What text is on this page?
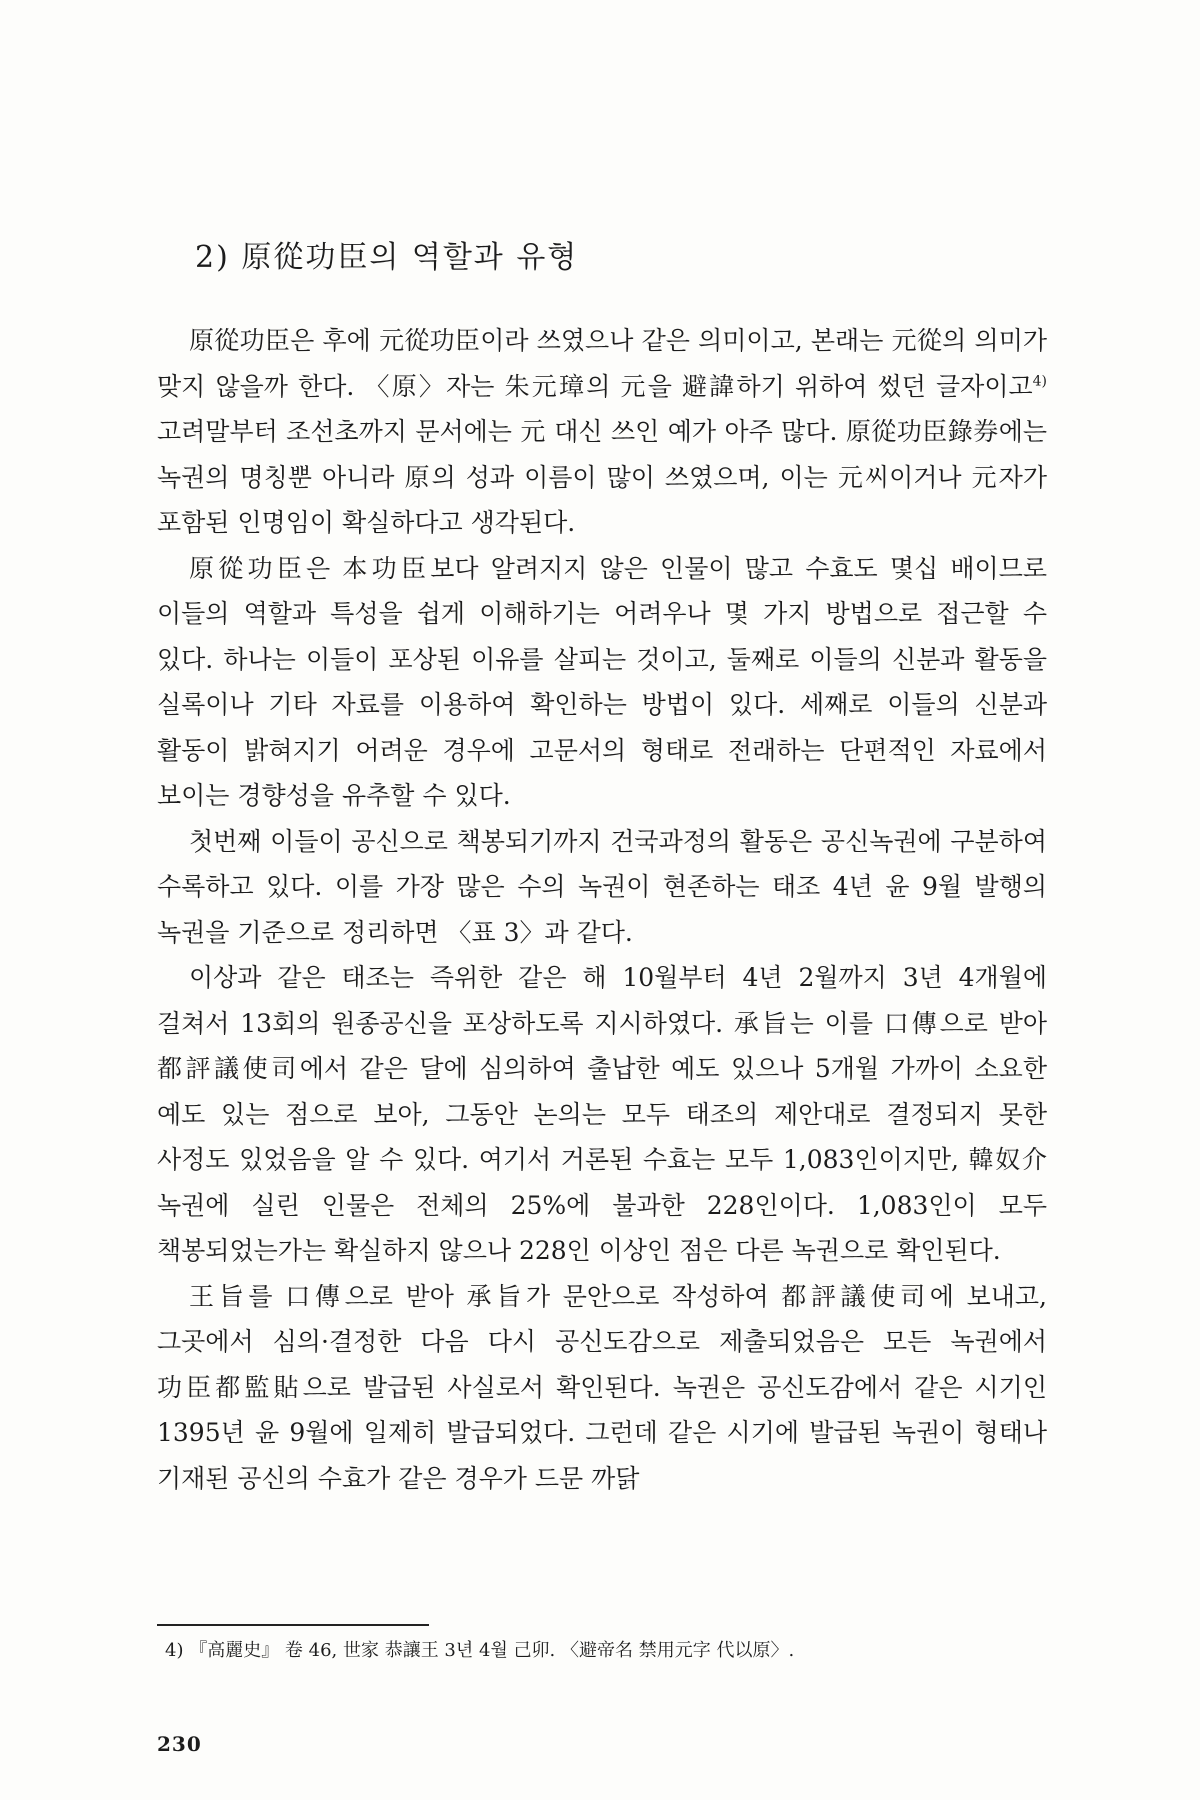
2) 原從功臣의 역할과 유형

原從功臣은 후에 元從功臣이라 쓰였으나 같은 의미이고, 본래는 元從의 의미가 맞지 않을까 한다. 〈原〉자는 朱元璋의 元을 避諱하기 위하여 썼던 글자이고$^{4)}$ 고려말부터 조선초까지 문서에는 元 대신 쓰인 예가 아주 많다. 原從功臣錄券에는 녹권의 명칭뿐 아니라 原의 성과 이름이 많이 쓰였으며, 이는 元씨이거나 元자가 포함된 인명임이 확실하다고 생각된다.

原從功臣은 本功臣보다 알려지지 않은 인물이 많고 수효도 몇십 배이므로 이들의 역할과 특성을 쉽게 이해하기는 어려우나 몇 가지 방법으로 접근할 수 있다. 하나는 이들이 포상된 이유를 살피는 것이고, 둘째로 이들의 신분과 활동을 실록이나 기타 자료를 이용하여 확인하는 방법이 있다. 세째로 이들의 신분과 활동이 밝혀지기 어려운 경우에 고문서의 형태로 전래하는 단편적인 자료에서 보이는 경향성을 유추할 수 있다.

첫번째 이들이 공신으로 책봉되기까지 건국과정의 활동은 공신녹권에 구분하여 수록하고 있다. 이를 가장 많은 수의 녹권이 현존하는 태조 4년 윤 9월 발행의 녹권을 기준으로 정리하면 〈표 3〉과 같다.

이상과 같은 태조는 즉위한 같은 해 10월부터 4년 2월까지 3년 4개월에 걸쳐서 13회의 원종공신을 포상하도록 지시하였다. 承旨는 이를 口傳으로 받아 都評議使司에서 같은 달에 심의하여 출납한 예도 있으나 5개월 가까이 소요한 예도 있는 점으로 보아, 그동안 논의는 모두 태조의 제안대로 결정되지 못한 사정도 있었음을 알 수 있다. 여기서 거론된 수효는 모두 1,083인이지만, 韓奴介 녹권에 실린 인물은 전체의 25%에 불과한 228인이다. 1,083인이 모두 책봉되었는가는 확실하지 않으나 228인 이상인 점은 다른 녹권으로 확인된다.

王旨를 口傳으로 받아 承旨가 문안으로 작성하여 都評議使司에 보내고, 그곳에서 심의·결정한 다음 다시 공신도감으로 제출되었음은 모든 녹권에서 功臣都監貼으로 발급된 사실로서 확인된다. 녹권은 공신도감에서 같은 시기인 1395년 윤 9월에 일제히 발급되었다. 그런데 같은 시기에 발급된 녹권이 형태나 기재된 공신의 수효가 같은 경우가 드문 까닭

4) 『高麗史』 卷 46, 世家 恭讓王 3년 4월 己卯. 〈避帝名 禁用元字 代以原〉.

230
